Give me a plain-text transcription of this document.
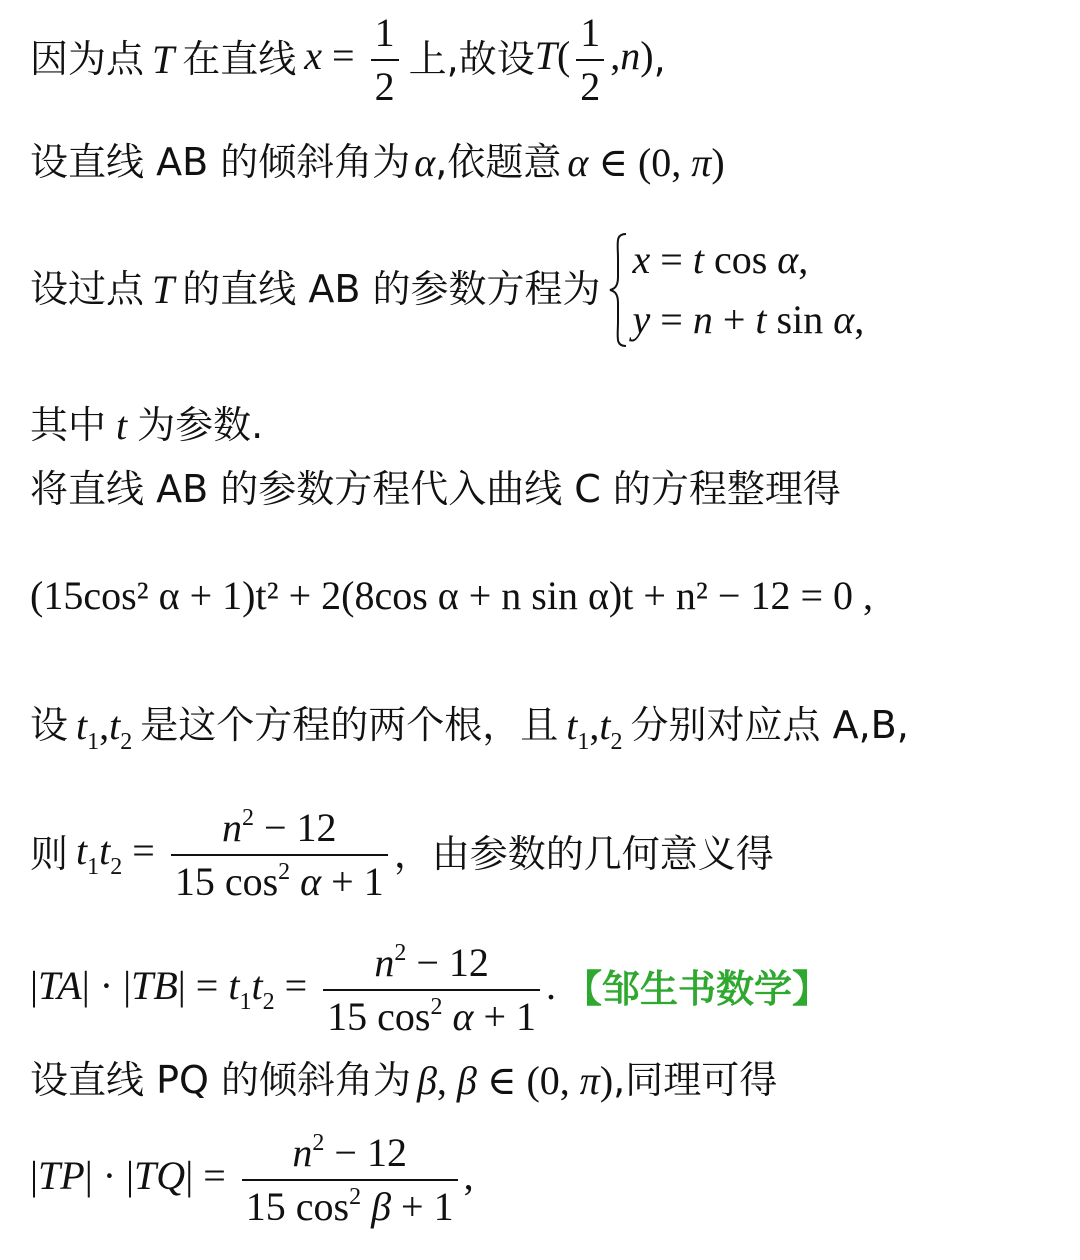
因为点 T 在直线 $x = \frac{1}{2}$ 上,故设 $T( \frac{1}{2} ,n)$ ,
设直线 AB 的倾斜角为 α ,依题意 α ∈ (0, π)
设过点 T 的直线 AB 的参数方程为
x = t cos α,
y = n + t sin α,
其中 t 为参数.
将直线 AB 的参数方程代入曲线 C 的方程整理得
(15cos² α + 1)t² + 2(8cos α + n sin α)t + n² − 12 = 0 ,
设 $t_1,t_2$ 是这个方程的两个根，且 $t_1,t_2$ 分别对应点 A,B,
则 $t_1t_2 = \frac{n^2 - 12}{15 \cos^2 \alpha + 1}$ ，由参数的几何意义得
$|TA| \cdot |TB| = t_1t_2 = \frac{n^2 - 12}{15 \cos^2 \alpha + 1}$ . 【邹生书数学】
设直线 PQ 的倾斜角为 β , β ∈ (0, π) ,同理可得
$|TP| \cdot |TQ| = \frac{n^2 - 12}{15 \cos^2 \beta + 1}$ ,
